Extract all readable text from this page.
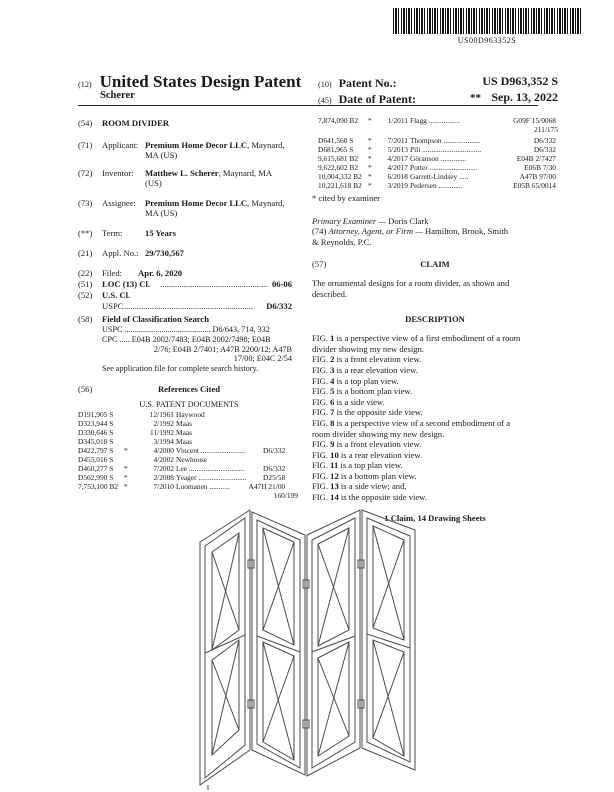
US00D963352S
(12) United States Design Patent
Scherer
(10) Patent No.:	US D963,352 S
(45) Date of Patent:	** Sep. 13, 2022
(54) ROOM DIVIDER
(71) Applicant: Premium Home Decor LLC, Maynard,
MA (US)
(72) Inventor: Matthew L. Scherer, Maynard, MA
(US)
(73) Assignee: Premium Home Decor LLC, Maynard,
MA (US)
(**) Term:	15 Years
(21) Appl. No.: 29/730,567
(22) Filed: Apr. 6, 2020
(51) LOC (13) Cl. .................................................. 06-06
(52) U.S. Cl.
USPC ............................................................	D6/332
(58) Field of Classification Search
USPC .......................................... D6/643, 714, 332
CPC ..... E04B 2002/7483; E04B 2002/7498; E04B
2/76; E04B 2/7401; A47B 2200/12; A47B
17/00; E04C 2/54
See application file for complete search history.
(56)	References Cited
U.S. PATENT DOCUMENTS
D191,905 S		12/1961	Haywood	
D323,944 S		2/1992	Maas	
D330,646 S		11/1992	Maas	
D345,018 S		3/1994	Maas	
D422,797 S	*	4/2000	Vincent ........................	D6/332
D455,016 S		4/2002	Newhouse	
D460,277 S	*	7/2002	Lee ..............................	D6/332
D562,990 S	*	2/2008	Yeager ..........................	D25/58
7,753,100 B2	*	7/2010	Luomanen ...........	A47H 21/00
160/199
7,874,090 B2	*	1/2011	Flagg .................	G09F 15/0068
211/175
D641,560 S	*	7/2011	Thompson ....................	D6/332
D681,965 S	*	5/2013	Pili ................................	D6/332
9,615,681 B2	*	4/2017	Göranson ..............	E04B 2/7427
9,622,602 B2	*	4/2017	Potter ..........................	E06B 7/30
10,004,332 B2	*	6/2018	Garrett-Lindsey .....	A47B 97/00
10,221,618 B2	*	3/2019	Pedersen .............	E05B 65/0014
* cited by examiner
Primary Examiner — Doris Clark
(74) Attorney, Agent, or Firm — Hamilton, Brook, Smith
& Reynolds, P.C.
(57)	CLAIM
The ornamental designs for a room divider, as shown and
described.
DESCRIPTION

FIG. 1 is a perspective view of a first embodiment of a room

divider showing my new design.

FIG. 2 is a front elevation view.

FIG. 3 is a rear elevation view.

FIG. 4 is a top plan view.

FIG. 5 is a bottom plan view.

FIG. 6 is a side view.

FIG. 7 is the opposite side view.

FIG. 8 is a perspective view of a second embodiment of a

room divider showing my new design.

FIG. 9 is a front elevation view.

FIG. 10 is a rear elevation view.

FIG. 11 is a top plan view.

FIG. 12 is a bottom plan view.

FIG. 13 is a side view; and,

FIG. 14 is the opposite side view.

1 Claim, 14 Drawing Sheets
